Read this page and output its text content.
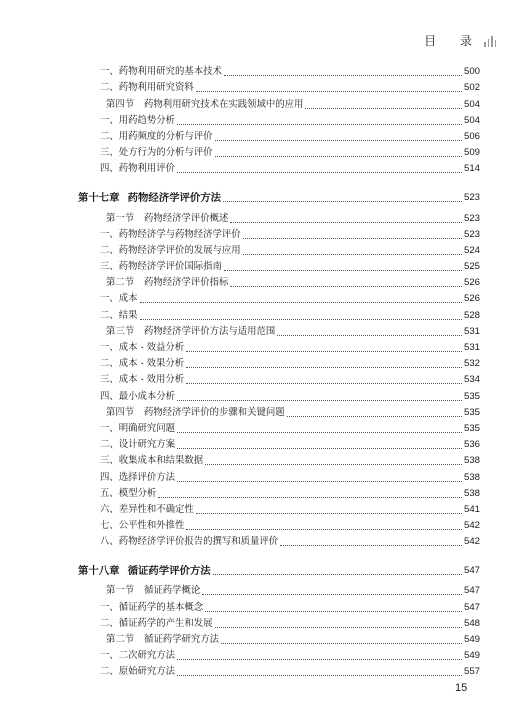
目 录
一、药物利用研究的基本技术	500
二、药物利用研究资料	502
第四节 药物利用研究技术在实践领域中的应用	504
一、用药趋势分析	504
二、用药频度的分析与评价	506
三、处方行为的分析与评价	509
四、药物利用评价	514
第十七章 药物经济学评价方法	523
第一节 药物经济学评价概述	523
一、药物经济学与药物经济学评价	523
二、药物经济学评价的发展与应用	524
三、药物经济学评价国际指南	525
第二节 药物经济学评价指标	526
一、成本	526
二、结果	528
第三节 药物经济学评价方法与适用范围	531
一、成本 - 效益分析	531
二、成本 - 效果分析	532
三、成本 - 效用分析	534
四、最小成本分析	535
第四节 药物经济学评价的步骤和关键问题	535
一、明确研究问题	535
二、设计研究方案	536
三、收集成本和结果数据	538
四、选择评价方法	538
五、模型分析	538
六、差异性和不确定性	541
七、公平性和外推性	542
八、药物经济学评价报告的撰写和质量评价	542
第十八章 循证药学评价方法	547
第一节 循证药学概论	547
一、循证药学的基本概念	547
二、循证药学的产生和发展	548
第二节 循证药学研究方法	549
一、二次研究方法	549
二、原始研究方法	557
15
